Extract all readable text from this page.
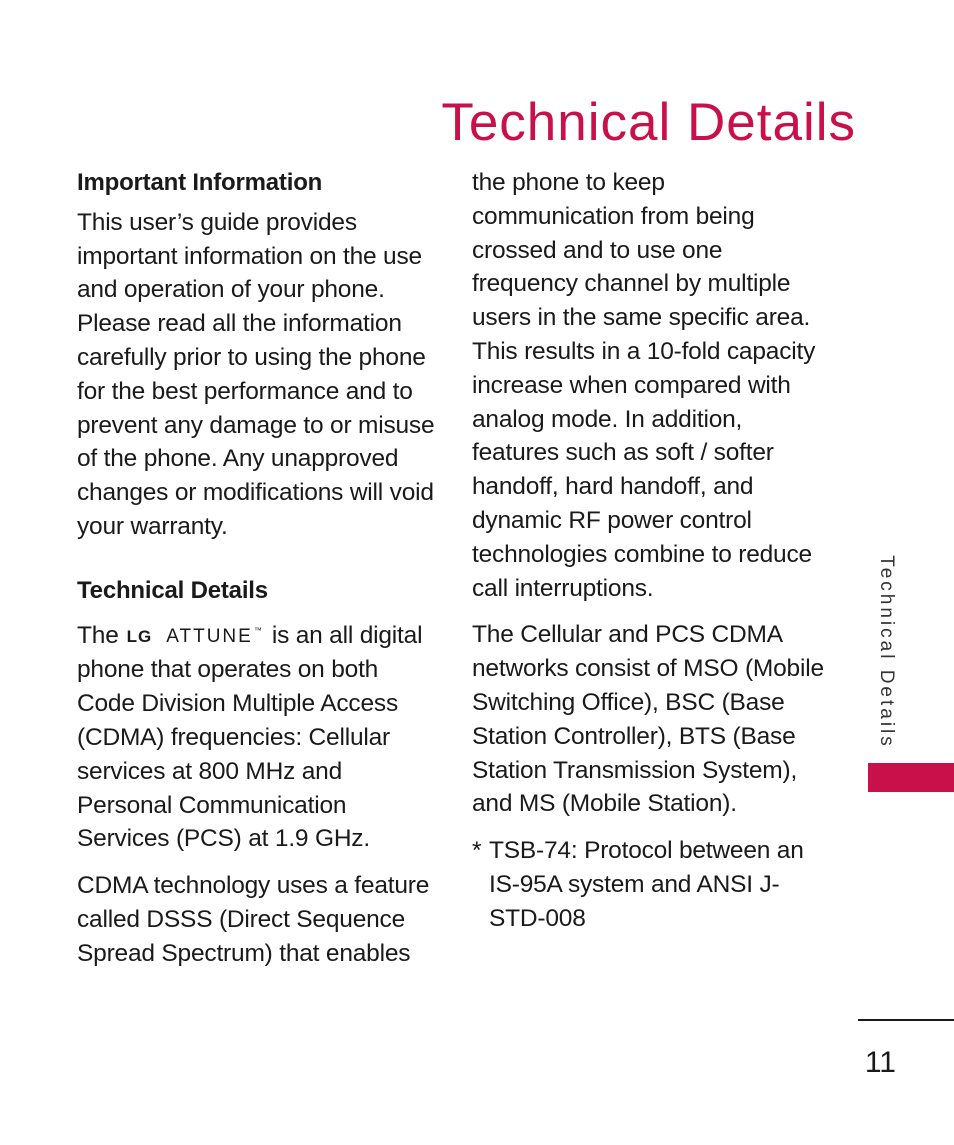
Technical Details

Important Information

This user’s guide provides important information on the use and operation of your phone. Please read all the information carefully prior to using the phone for the best performance and to prevent any damage to or misuse of the phone. Any unapproved changes or modifications will void your warranty.

Technical Details

The LG ATTUNE™ is an all digital phone that operates on both Code Division Multiple Access (CDMA) frequencies: Cellular services at 800 MHz and Personal Communication Services (PCS) at 1.9 GHz.

CDMA technology uses a feature called DSSS (Direct Sequence Spread Spectrum) that enables

the phone to keep communication from being crossed and to use one frequency channel by multiple users in the same specific area. This results in a 10-fold capacity increase when compared with analog mode. In addition, features such as soft / softer handoff, hard handoff, and dynamic RF power control technologies combine to reduce call interruptions.

The Cellular and PCS CDMA networks consist of MSO (Mobile Switching Office), BSC (Base Station Controller), BTS (Base Station Transmission System), and MS (Mobile Station).

* TSB-74: Protocol between an IS-95A system and ANSI J-STD-008
Technical Details
11
